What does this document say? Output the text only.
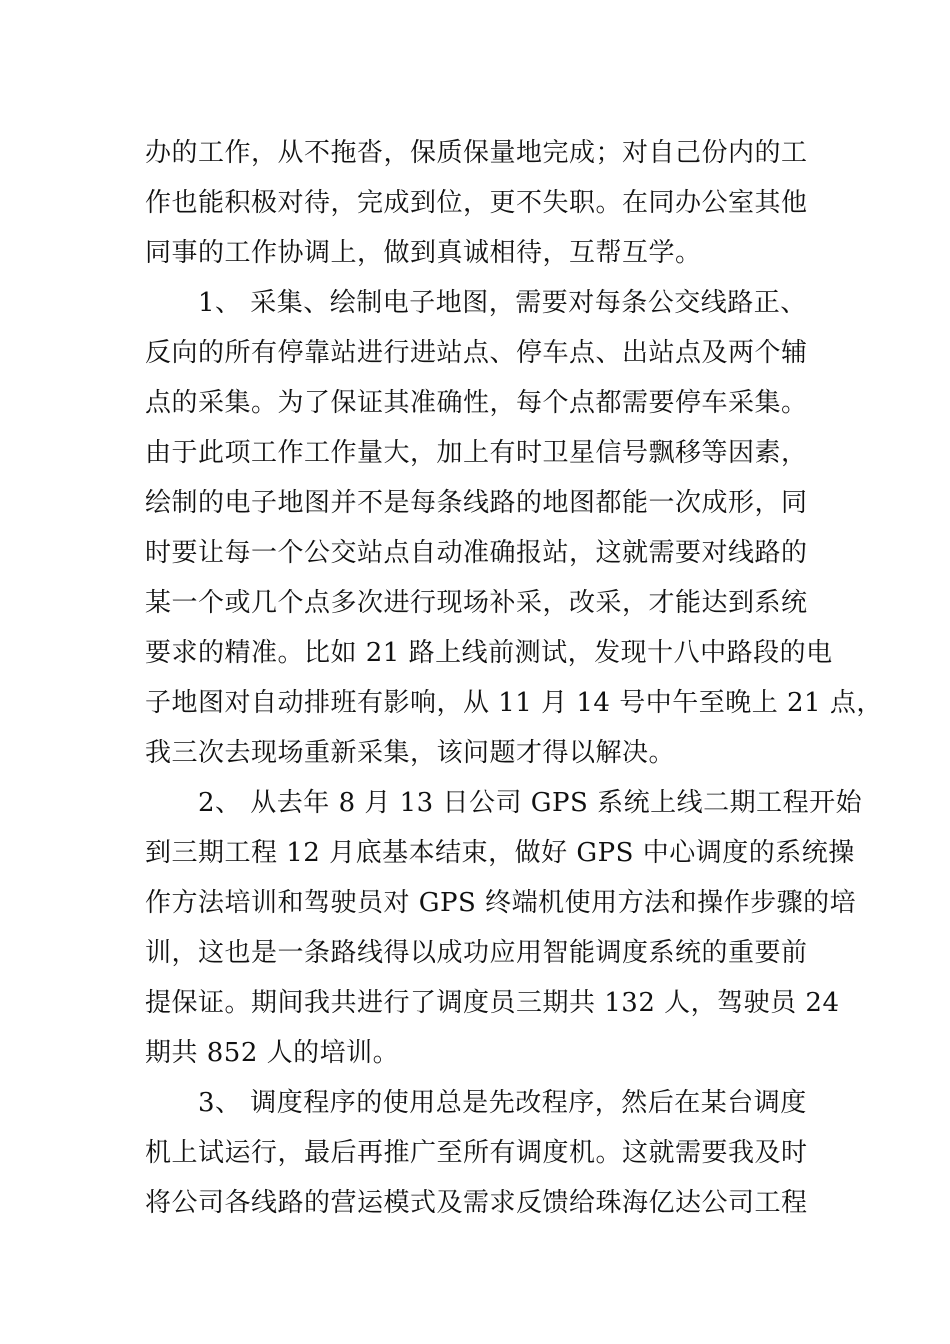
办的工作，从不拖沓，保质保量地完成；对自己份内的工
作也能积极对待，完成到位，更不失职。在同办公室其他
同事的工作协调上，做到真诚相待，互帮互学。
　　1、 采集、绘制电子地图，需要对每条公交线路正、
反向的所有停靠站进行进站点、停车点、出站点及两个辅
点的采集。为了保证其准确性，每个点都需要停车采集。
由于此项工作工作量大，加上有时卫星信号飘移等因素，
绘制的电子地图并不是每条线路的地图都能一次成形，同
时要让每一个公交站点自动准确报站，这就需要对线路的
某一个或几个点多次进行现场补采，改采，才能达到系统
要求的精准。比如 21 路上线前测试，发现十八中路段的电
子地图对自动排班有影响，从 11 月 14 号中午至晚上 21 点，
我三次去现场重新采集，该问题才得以解决。
　　2、 从去年 8 月 13 日公司 GPS 系统上线二期工程开始
到三期工程 12 月底基本结束，做好 GPS 中心调度的系统操
作方法培训和驾驶员对 GPS 终端机使用方法和操作步骤的培
训，这也是一条路线得以成功应用智能调度系统的重要前
提保证。期间我共进行了调度员三期共 132 人，驾驶员 24
期共 852 人的培训。
　　3、 调度程序的使用总是先改程序，然后在某台调度
机上试运行，最后再推广至所有调度机。这就需要我及时
将公司各线路的营运模式及需求反馈给珠海亿达公司工程
